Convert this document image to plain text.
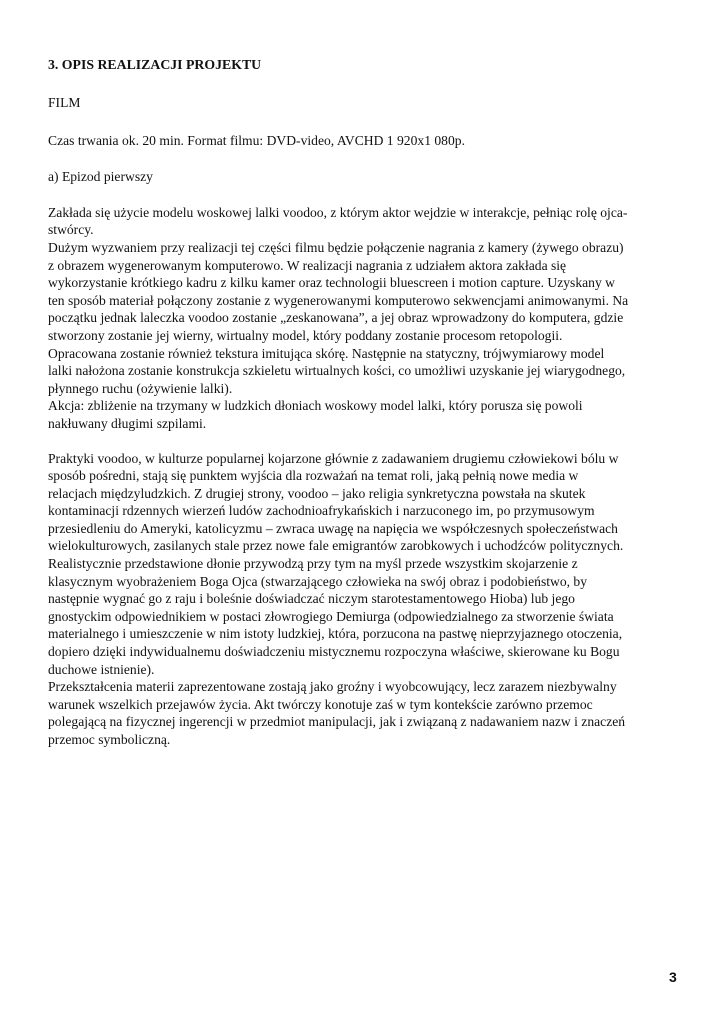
3. OPIS REALIZACJI PROJEKTU

FILM

Czas trwania ok. 20 min. Format filmu: DVD-video, AVCHD 1 920x1 080p.

a) Epizod pierwszy

Zakłada się użycie modelu woskowej lalki voodoo, z którym aktor wejdzie w interakcje, pełniąc rolę ojca-

stwórcy.

Dużym wyzwaniem przy realizacji tej części filmu będzie połączenie nagrania z kamery (żywego obrazu)

z obrazem wygenerowanym komputerowo. W realizacji nagrania z udziałem aktora zakłada się

wykorzystanie krótkiego kadru z kilku kamer oraz technologii bluescreen i motion capture. Uzyskany w

ten sposób materiał połączony zostanie z wygenerowanymi komputerowo sekwencjami animowanymi. Na

początku jednak laleczka voodoo zostanie „zeskanowana”, a jej obraz wprowadzony do komputera, gdzie

stworzony zostanie jej wierny, wirtualny model, który poddany zostanie procesom retopologii.

Opracowana zostanie również tekstura imitująca skórę. Następnie na statyczny, trójwymiarowy model

lalki nałożona zostanie konstrukcja szkieletu wirtualnych kości, co umożliwi uzyskanie jej wiarygodnego,

płynnego ruchu (ożywienie lalki).

Akcja: zbliżenie na trzymany w ludzkich dłoniach woskowy model lalki, który porusza się powoli

nakłuwany długimi szpilami.

Praktyki voodoo, w kulturze popularnej kojarzone głównie z zadawaniem drugiemu człowiekowi bólu w

sposób pośredni, stają się punktem wyjścia dla rozważań na temat roli, jaką pełnią nowe media w

relacjach międzyludzkich. Z drugiej strony, voodoo – jako religia synkretyczna powstała na skutek

kontaminacji rdzennych wierzeń ludów zachodnioafrykańskich i narzuconego im, po przymusowym

przesiedleniu do Ameryki, katolicyzmu – zwraca uwagę na napięcia we współczesnych społeczeństwach

wielokulturowych, zasilanych stale przez nowe fale emigrantów zarobkowych i uchodźców politycznych.

Realistycznie przedstawione dłonie przywodzą przy tym na myśl przede wszystkim skojarzenie z

klasycznym wyobrażeniem Boga Ojca (stwarzającego człowieka na swój obraz i podobieństwo, by

następnie wygnać go z raju i boleśnie doświadczać niczym starotestamentowego Hioba) lub jego

gnostyckim odpowiednikiem w postaci złowrogiego Demiurga (odpowiedzialnego za stworzenie świata

materialnego i umieszczenie w nim istoty ludzkiej, która, porzucona na pastwę nieprzyjaznego otoczenia,

dopiero dzięki indywidualnemu doświadczeniu mistycznemu rozpoczyna właściwe, skierowane ku Bogu

duchowe istnienie).

Przekształcenia materii zaprezentowane zostają jako groźny i wyobcowujący, lecz zarazem niezbywalny

warunek wszelkich przejawów życia. Akt twórczy konotuje zaś w tym kontekście zarówno przemoc

polegającą na fizycznej ingerencji w przedmiot manipulacji, jak i związaną z nadawaniem nazw i znaczeń

przemoc symboliczną.

3
